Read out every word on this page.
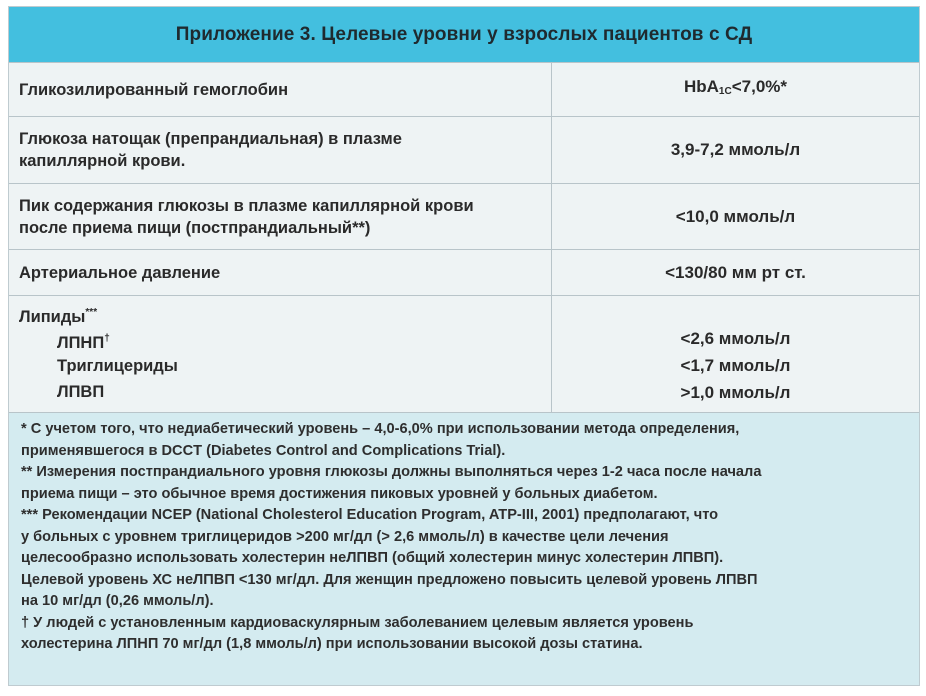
Приложение 3. Целевые уровни у взрослых пациентов с СД
Гликозилированный гемоглобин	HbA$_{1C}$<7,0%*
Глюкоза натощак (препрандиальная) в плазме
капиллярной крови.
3,9-7,2 ммоль/л
Пик содержания глюкозы в плазме капиллярной крови
после приема пищи (постпрандиальный**)
<10,0 ммоль/л
Артериальное давление	<130/80 мм рт ст.
Липиды***
ЛПНП†
Триглицериды
ЛПВП
<2,6 ммоль/л
<1,7 ммоль/л
>1,0 ммоль/л
* С учетом того, что недиабетический уровень – 4,0-6,0% при использовании метода определения,
применявшегося в DCCT (Diabetes Control and Complications Trial).
** Измерения постпрандиального уровня глюкозы должны выполняться через 1-2 часа после начала
приема пищи – это обычное время достижения пиковых уровней у больных диабетом.
*** Рекомендации NCEP (National Cholesterol Education Program, ATP-III, 2001) предполагают, что
у больных с уровнем триглицеридов >200 мг/дл (> 2,6 ммоль/л) в качестве цели лечения
целесообразно использовать холестерин неЛПВП (общий холестерин минус холестерин ЛПВП).
Целевой уровень ХС неЛПВП <130 мг/дл. Для женщин предложено повысить целевой уровень ЛПВП
на 10 мг/дл (0,26 ммоль/л).
† У людей с установленным кардиоваскулярным заболеванием целевым является уровень
холестерина ЛПНП 70 мг/дл (1,8 ммоль/л) при использовании высокой дозы статина.
